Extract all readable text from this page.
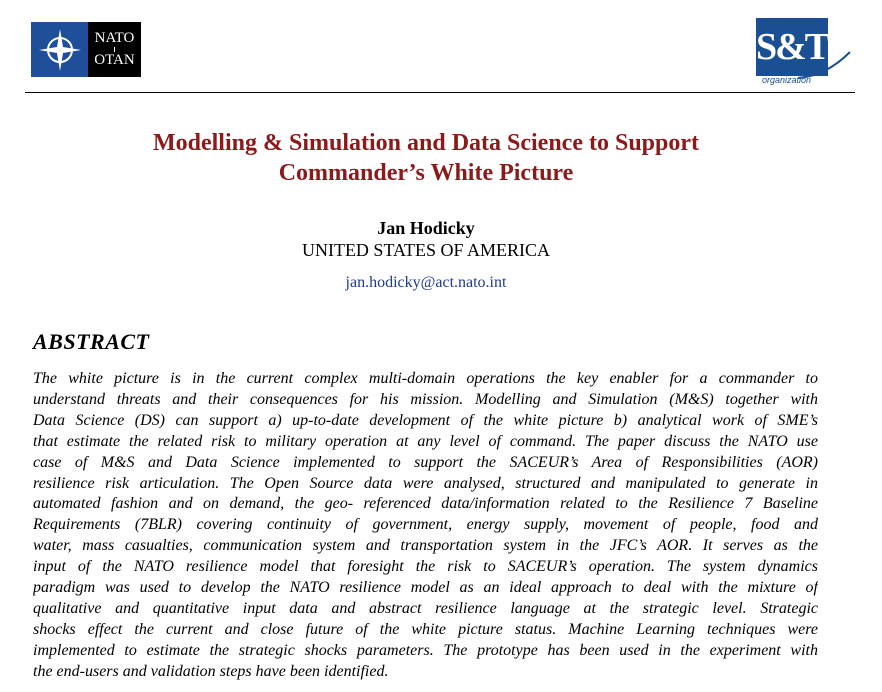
NATO
OTAN	S&T
organization
Modelling & Simulation and Data Science to Support
Commander’s White Picture
Jan Hodicky
UNITED STATES OF AMERICA
jan.hodicky@act.nato.int
ABSTRACT
The white picture is in the current complex multi-domain operations the key enabler for a commander to
understand threats and their consequences for his mission. Modelling and Simulation (M&S) together with
Data Science (DS) can support a) up-to-date development of the white picture b) analytical work of SME’s
that estimate the related risk to military operation at any level of command. The paper discuss the NATO use
case of M&S and Data Science implemented to support the SACEUR’s Area of Responsibilities (AOR)
resilience risk articulation. The Open Source data were analysed, structured and manipulated to generate in
automated fashion and on demand, the geo- referenced data/information related to the Resilience 7 Baseline
Requirements (7BLR) covering continuity of government, energy supply, movement of people, food and
water, mass casualties, communication system and transportation system in the JFC’s AOR. It serves as the
input of the NATO resilience model that foresight the risk to SACEUR’s operation. The system dynamics
paradigm was used to develop the NATO resilience model as an ideal approach to deal with the mixture of
qualitative and quantitative input data and abstract resilience language at the strategic level. Strategic
shocks effect the current and close future of the white picture status. Machine Learning techniques were
implemented to estimate the strategic shocks parameters. The prototype has been used in the experiment with
the end-users and validation steps have been identified.
